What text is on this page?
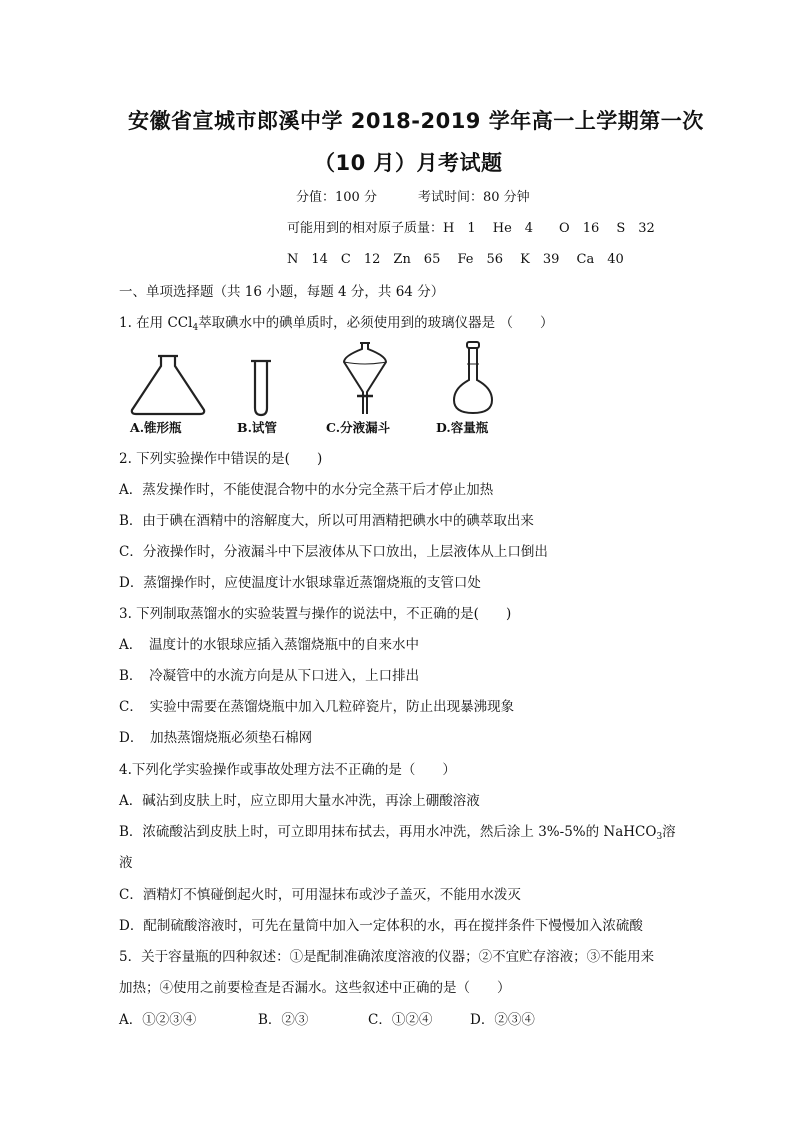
安徽省宣城市郎溪中学 2018-2019 学年高一上学期第一次
（10 月）月考试题
分值：100 分	考试时间：80 分钟
可能用到的相对原子质量：H　1　 He　4　　O　16　 S　32
N　14　C　12　Zn　65　 Fe　56　 K　39　 Ca　40
一、单项选择题（共 16 小题，每题 4 分，共 64 分）
1. 在用 CCl$_4$萃取碘水中的碘单质时，必须使用到的玻璃仪器是 （　　）
A.锥形瓶	B.试管	C.分液漏斗	D.容量瓶
2. 下列实验操作中错误的是(　　)
A．蒸发操作时，不能使混合物中的水分完全蒸干后才停止加热
B．由于碘在酒精中的溶解度大，所以可用酒精把碘水中的碘萃取出来
C．分液操作时，分液漏斗中下层液体从下口放出，上层液体从上口倒出
D．蒸馏操作时，应使温度计水银球靠近蒸馏烧瓶的支管口处
3. 下列制取蒸馏水的实验装置与操作的说法中，不正确的是(　　)
A．　温度计的水银球应插入蒸馏烧瓶中的自来水中
B．　冷凝管中的水流方向是从下口进入，上口排出
C．　实验中需要在蒸馏烧瓶中加入几粒碎瓷片，防止出现暴沸现象
D．　加热蒸馏烧瓶必须垫石棉网
4.下列化学实验操作或事故处理方法不正确的是（　　）
A．碱沾到皮肤上时，应立即用大量水冲洗，再涂上硼酸溶液
B．浓硫酸沾到皮肤上时，可立即用抹布拭去，再用水冲洗，然后涂上 3%-5%的 NaHCO$_3$溶
液
C．酒精灯不慎碰倒起火时，可用湿抹布或沙子盖灭，不能用水泼灭
D．配制硫酸溶液时，可先在量筒中加入一定体积的水，再在搅拌条件下慢慢加入浓硫酸
5．关于容量瓶的四种叙述：①是配制准确浓度溶液的仪器；②不宜贮存溶液；③不能用来
加热；④使用之前要检查是否漏水。这些叙述中正确的是（　　）
A．①②③④	B．②③	C．①②④	D．②③④
